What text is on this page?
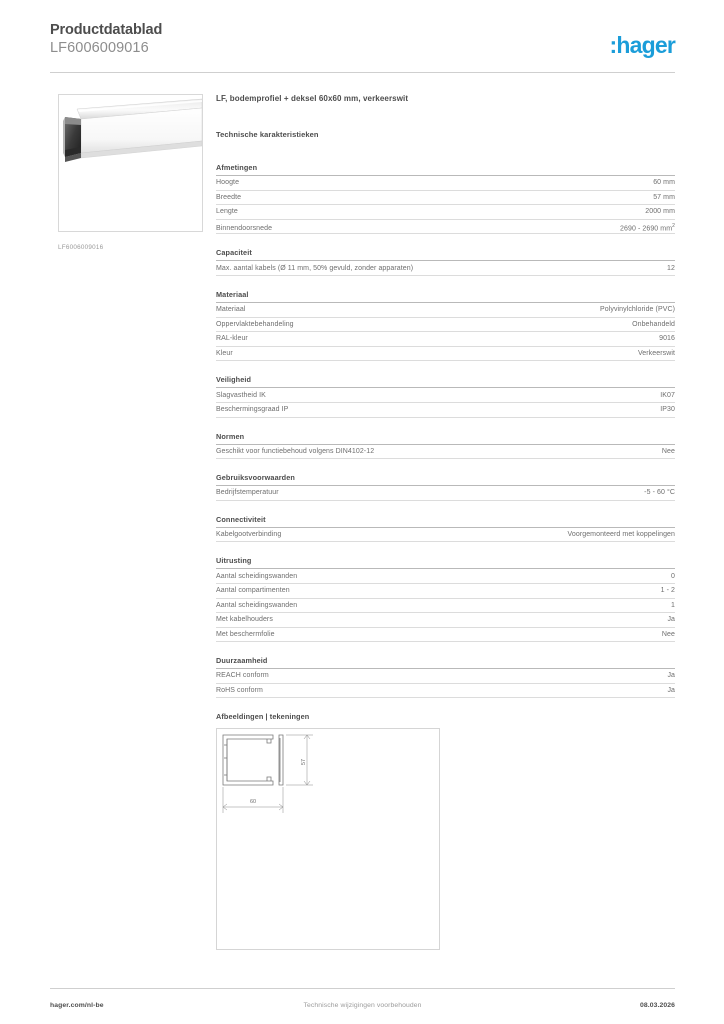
Productdatablad
LF6006009016	:hager
LF6006009016
LF, bodemprofiel + deksel 60x60 mm, verkeerswit
Technische karakteristieken
Afmetingen
Hoogte	60 mm
Breedte	57 mm
Lengte	2000 mm
Binnendoorsnede	2690 - 2690 $mm^2$
Capaciteit
Max. aantal kabels (Ø 11 mm, 50% gevuld, zonder apparaten)	12
Materiaal
Materiaal	Polyvinylchloride (PVC)
Oppervlaktebehandeling	Onbehandeld
RAL-kleur	9016
Kleur	Verkeerswit
Veiligheid
Slagvastheid IK	IK07
Beschermingsgraad IP	IP30
Normen
Geschikt voor functiebehoud volgens DIN4102-12	Nee
Gebruiksvoorwaarden
Bedrijfstemperatuur	-5 - 60 °C
Connectiviteit
Kabelgootverbinding	Voorgemonteerd met koppelingen
Uitrusting
Aantal scheidingswanden	0
Aantal compartimenten	1 - 2
Aantal scheidingswanden	1
Met kabelhouders	Ja
Met beschermfolie	Nee
Duurzaamheid
REACH conform	Ja
RoHS conform	Ja
Afbeeldingen | tekeningen
57
60
hager.com/nl-be	Technische wijzigingen voorbehouden	08.03.2026
